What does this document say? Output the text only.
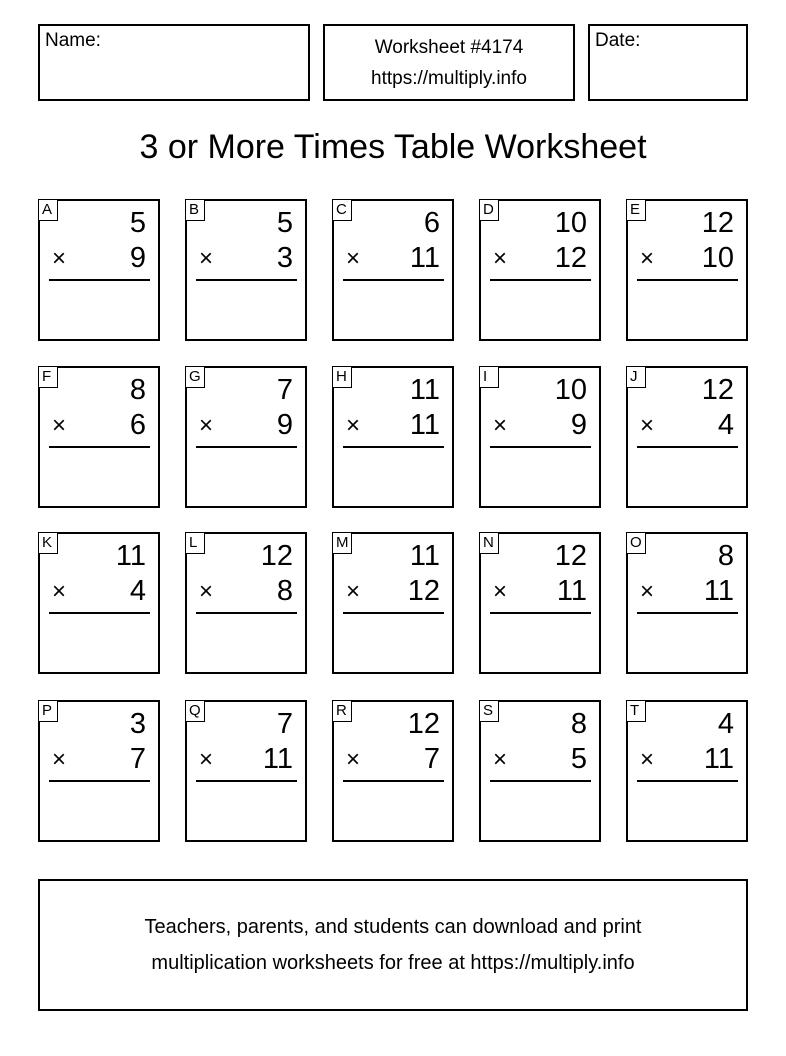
Name:	Worksheet #4174
https://multiply.info
Date:
3 or More Times Table Worksheet
A	5
× 9
B	5
× 3
C	6
× 11
D 10
× 12
E 12
× 10
F	8
× 6
G	7
× 9
H 11
× 11
I	10
× 9
J 12
× 4
K 11
× 4
L 12
× 8
M 11
× 12
N 12
× 11
O	8
× 11
P	3
× 7
Q	7
× 11
R 12
× 7
S	8
× 5
T	4
× 11
Teachers, parents, and students can download and print
multiplication worksheets for free at https://multiply.info
